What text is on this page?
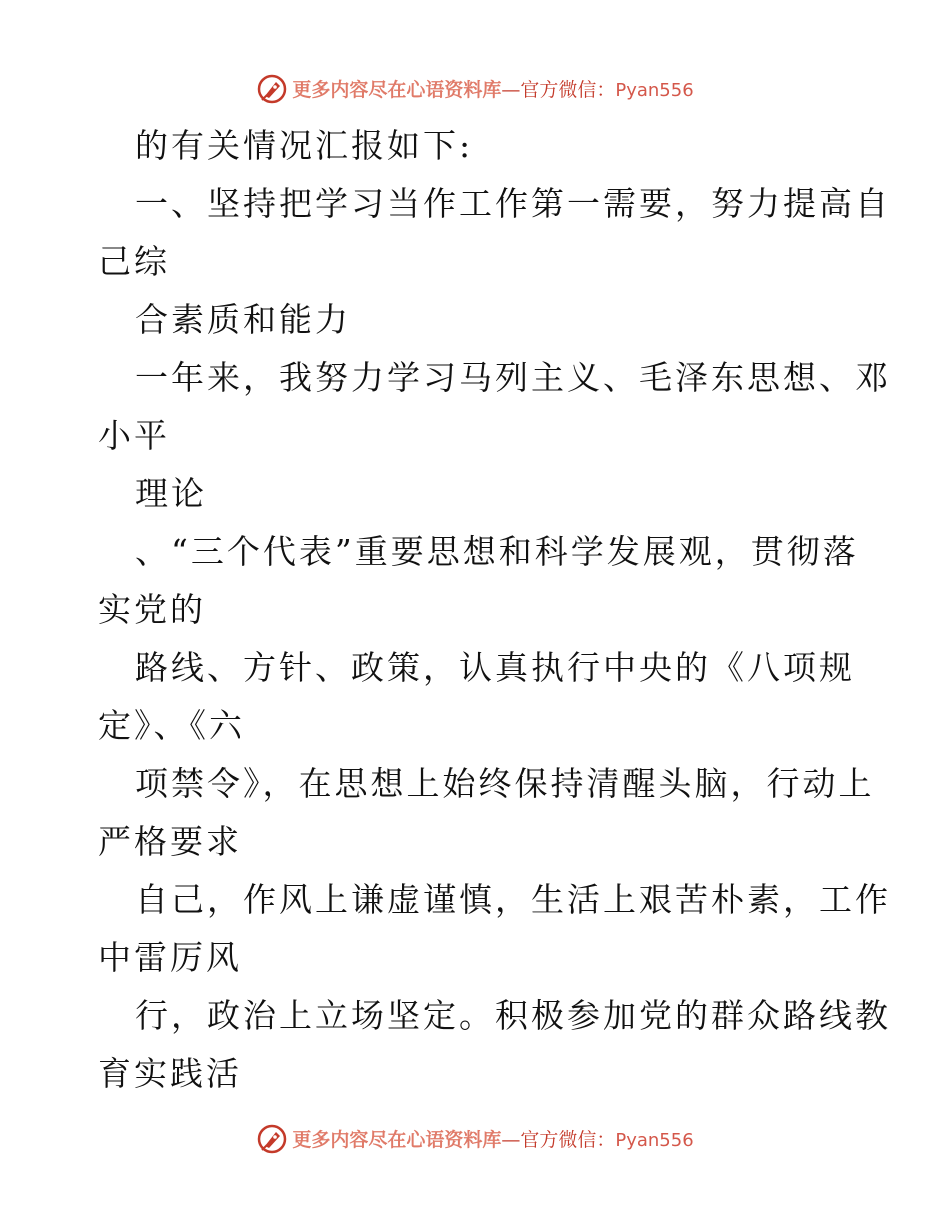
更多内容尽在心语资料库—官方微信：Pyan556
的有关情况汇报如下:
一、坚持把学习当作工作第一需要，努力提高自
己综
合素质和能力
一年来，我努力学习马列主义、毛泽东思想、邓
小平
理论
、“三个代表”重要思想和科学发展观，贯彻落
实党的
路线、方针、政策，认真执行中央的《八项规
定》、《六
项禁令》，在思想上始终保持清醒头脑，行动上
严格要求
自己，作风上谦虚谨慎，生活上艰苦朴素，工作
中雷厉风
行，政治上立场坚定。积极参加党的群众路线教
育实践活
更多内容尽在心语资料库—官方微信：Pyan556
